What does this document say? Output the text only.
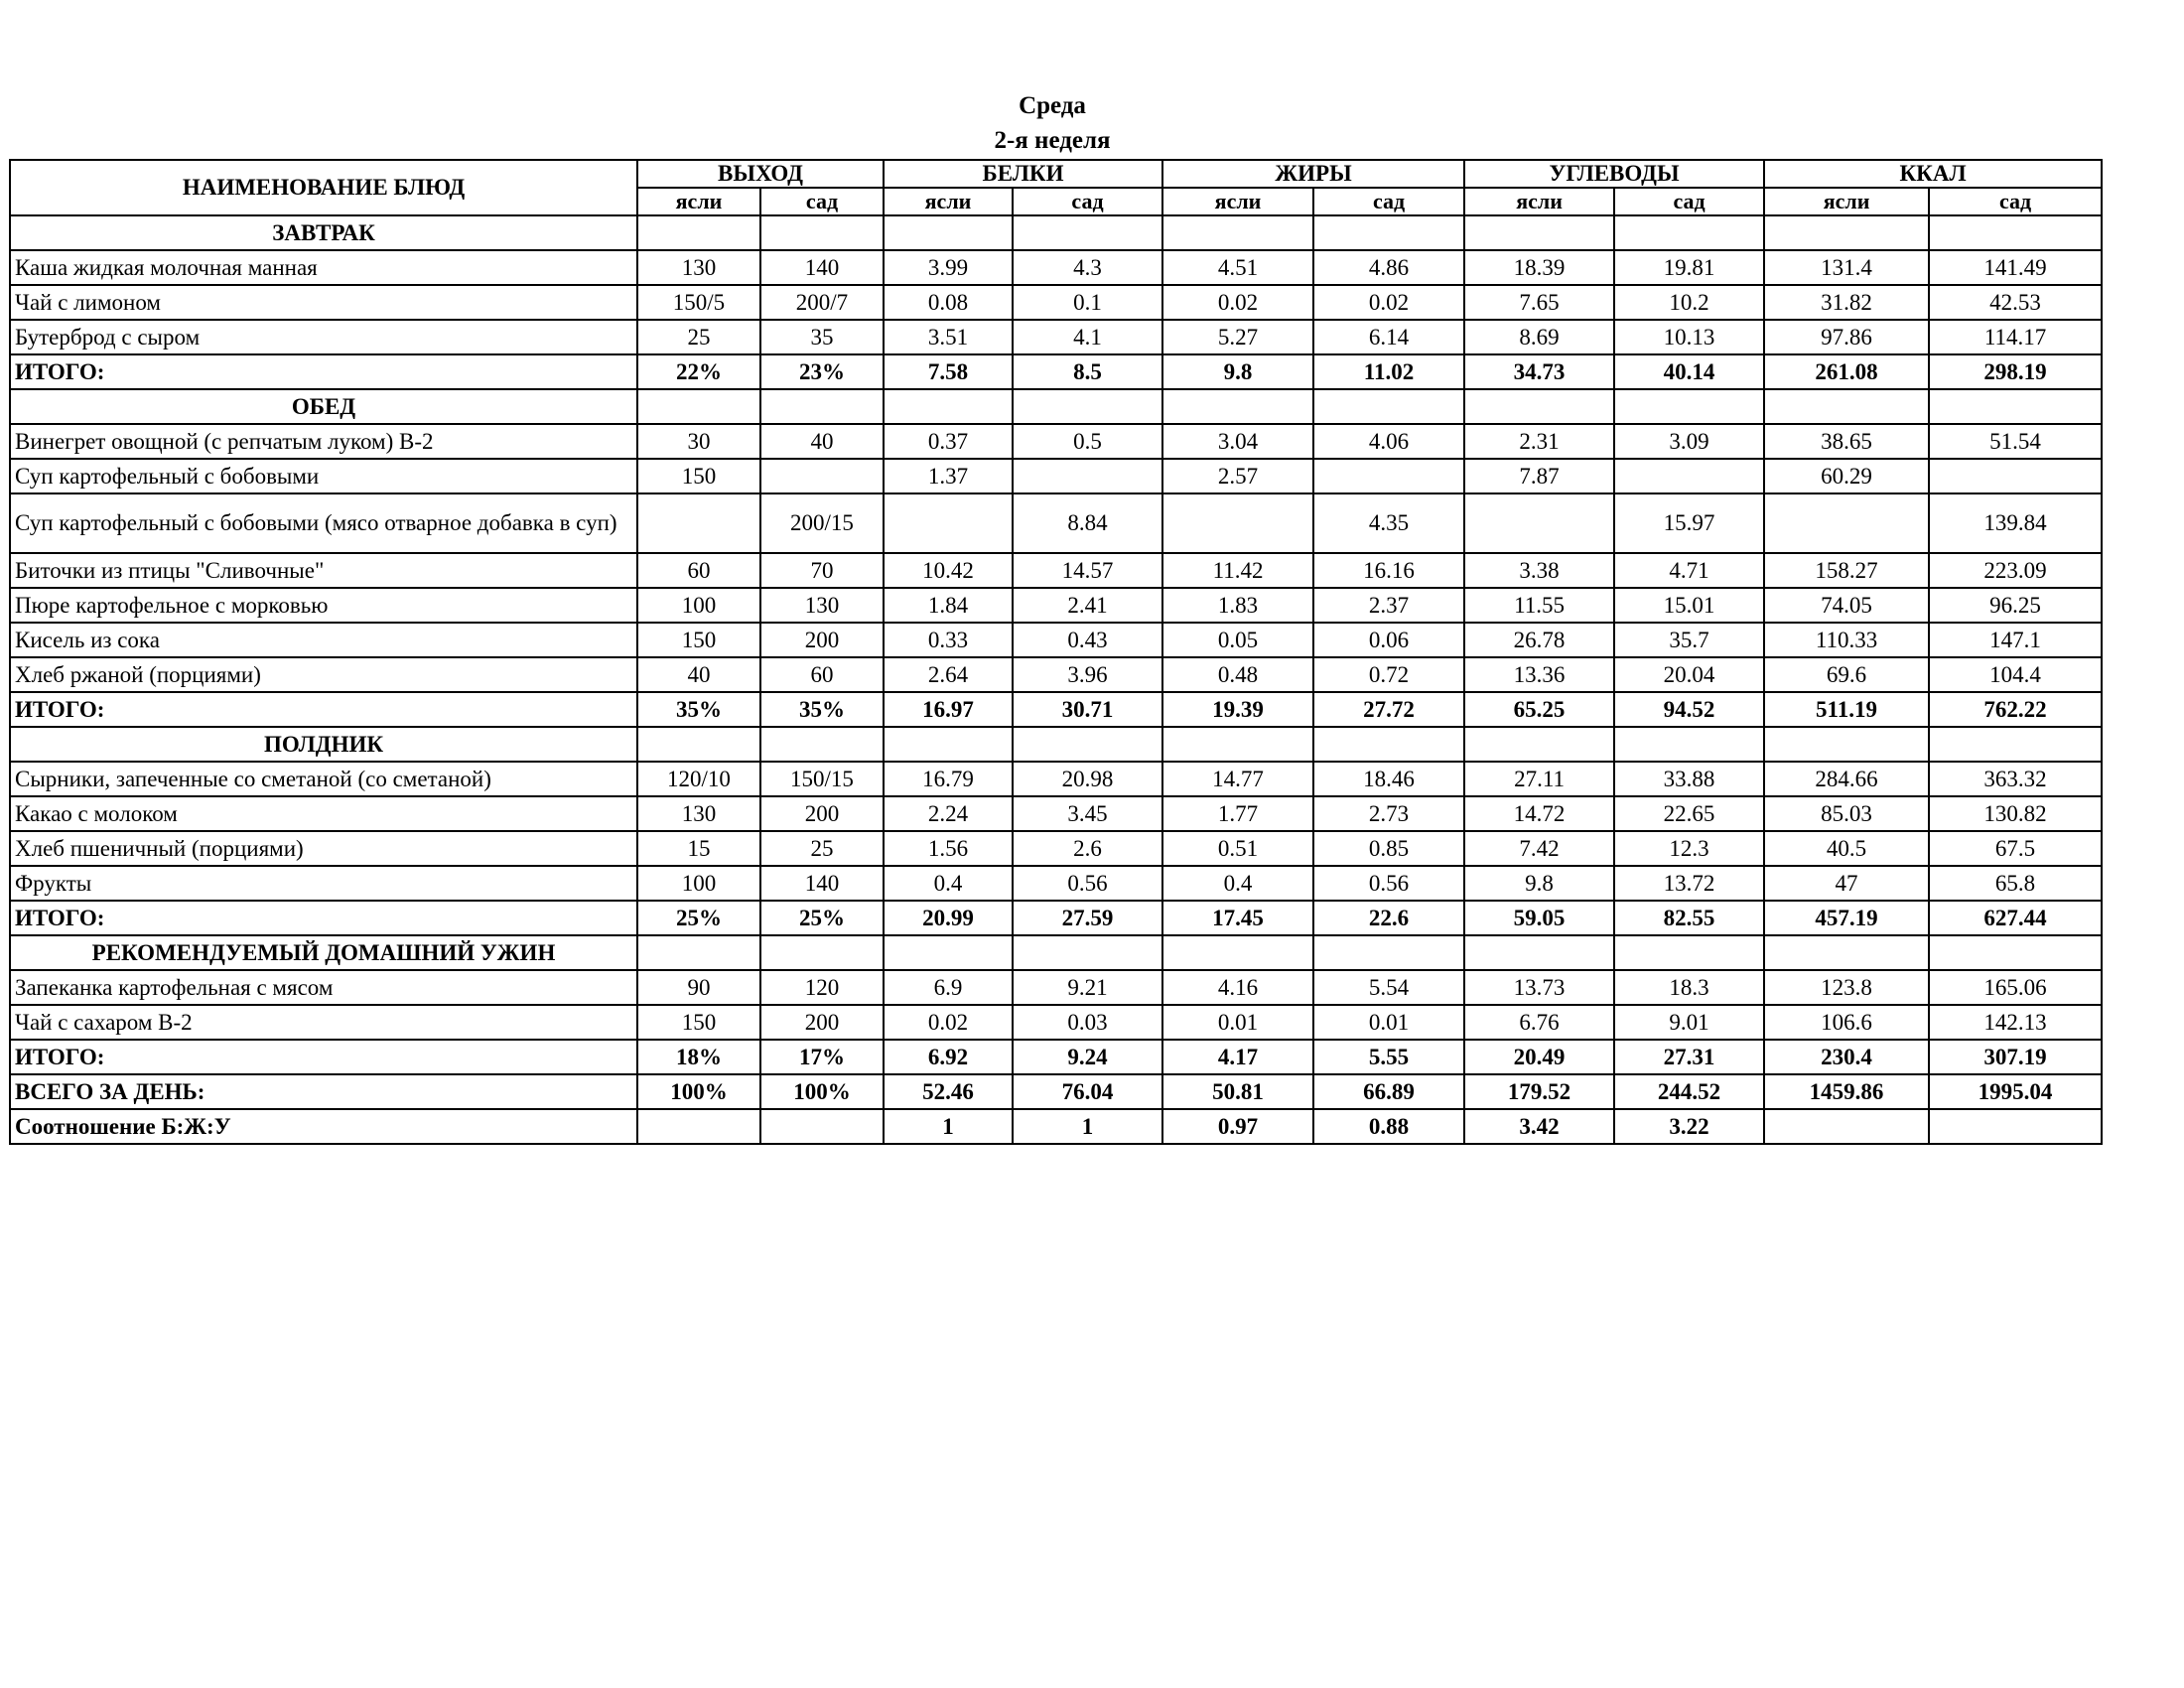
Среда
2-я неделя
НАИМЕНОВАНИЕ БЛЮД	ВЫХОД		БЕЛКИ		ЖИРЫ		УГЛЕВОДЫ		ККАЛ	
	ясли	сад	ясли	сад	ясли	сад	ясли	сад	ясли	сад
ЗАВТРАК										
Каша жидкая молочная манная	130	140	3.99	4.3	4.51	4.86	18.39	19.81	131.4	141.49
Чай с лимоном	150/5	200/7	0.08	0.1	0.02	0.02	7.65	10.2	31.82	42.53
Бутерброд с сыром	25	35	3.51	4.1	5.27	6.14	8.69	10.13	97.86	114.17
ИТОГО:	22%	23%	7.58	8.5	9.8	11.02	34.73	40.14	261.08	298.19
ОБЕД										
Винегрет овощной (с репчатым луком) В-2	30	40	0.37	0.5	3.04	4.06	2.31	3.09	38.65	51.54
Суп картофельный с бобовыми	150		1.37		2.57		7.87		60.29	
Суп картофельный с бобовыми (мясо отварное добавка в суп)		200/15		8.84		4.35		15.97		139.84
Биточки из птицы "Сливочные"	60	70	10.42	14.57	11.42	16.16	3.38	4.71	158.27	223.09
Пюре картофельное с морковью	100	130	1.84	2.41	1.83	2.37	11.55	15.01	74.05	96.25
Кисель из сока	150	200	0.33	0.43	0.05	0.06	26.78	35.7	110.33	147.1
Хлеб ржаной (порциями)	40	60	2.64	3.96	0.48	0.72	13.36	20.04	69.6	104.4
ИТОГО:	35%	35%	16.97	30.71	19.39	27.72	65.25	94.52	511.19	762.22
ПОЛДНИК										
Сырники, запеченные со сметаной (со сметаной)	120/10	150/15	16.79	20.98	14.77	18.46	27.11	33.88	284.66	363.32
Какао с молоком	130	200	2.24	3.45	1.77	2.73	14.72	22.65	85.03	130.82
Хлеб пшеничный (порциями)	15	25	1.56	2.6	0.51	0.85	7.42	12.3	40.5	67.5
Фрукты	100	140	0.4	0.56	0.4	0.56	9.8	13.72	47	65.8
ИТОГО:	25%	25%	20.99	27.59	17.45	22.6	59.05	82.55	457.19	627.44
РЕКОМЕНДУЕМЫЙ ДОМАШНИЙ УЖИН										
Запеканка картофельная с мясом	90	120	6.9	9.21	4.16	5.54	13.73	18.3	123.8	165.06
Чай с сахаром В-2	150	200	0.02	0.03	0.01	0.01	6.76	9.01	106.6	142.13
ИТОГО:	18%	17%	6.92	9.24	4.17	5.55	20.49	27.31	230.4	307.19
ВСЕГО ЗА ДЕНЬ:	100%	100%	52.46	76.04	50.81	66.89	179.52	244.52	1459.86	1995.04
Соотношение Б:Ж:У			1	1	0.97	0.88	3.42	3.22		
